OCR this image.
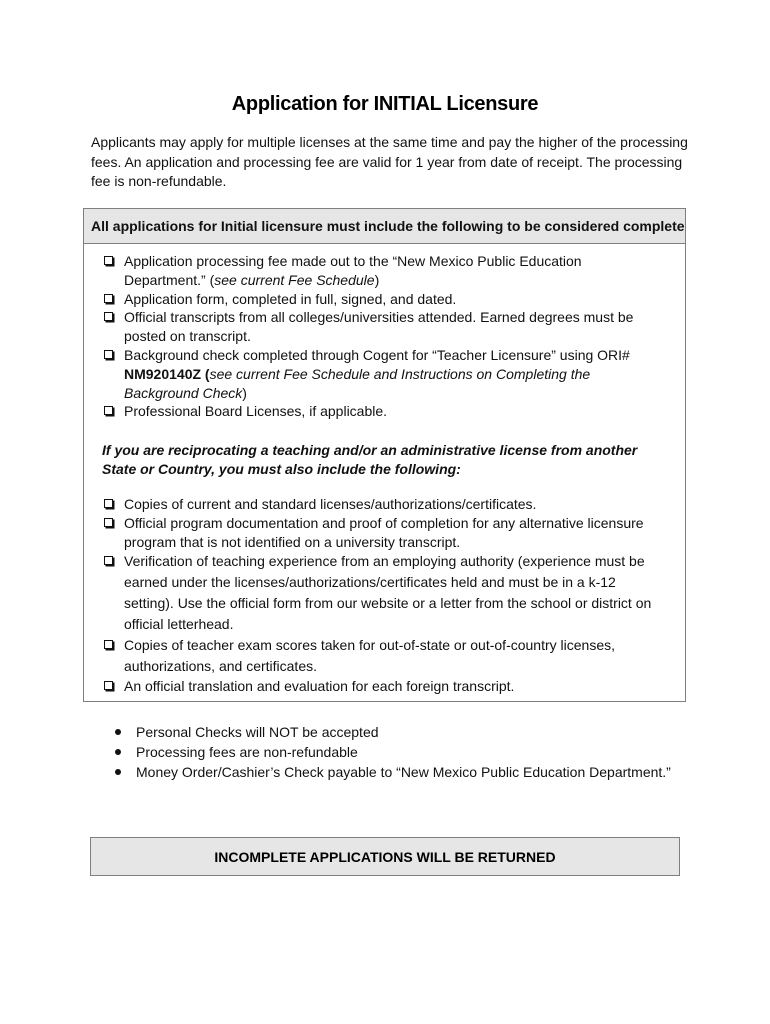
Application for INITIAL Licensure
Applicants may apply for multiple licenses at the same time and pay the higher of the processing fees. An application and processing fee are valid for 1 year from date of receipt. The processing fee is non-refundable.
All applications for Initial licensure must include the following to be considered complete
Application processing fee made out to the “New Mexico Public Education Department.” (see current Fee Schedule)
Application form, completed in full, signed, and dated.
Official transcripts from all colleges/universities attended. Earned degrees must be posted on transcript.
Background check completed through Cogent for “Teacher Licensure” using ORI# NM920140Z (see current Fee Schedule and Instructions on Completing the Background Check)
Professional Board Licenses, if applicable.
If you are reciprocating a teaching and/or an administrative license from another State or Country, you must also include the following:
Copies of current and standard licenses/authorizations/certificates.
Official program documentation and proof of completion for any alternative licensure program that is not identified on a university transcript.
Verification of teaching experience from an employing authority (experience must be earned under the licenses/authorizations/certificates held and must be in a k-12 setting). Use the official form from our website or a letter from the school or district on official letterhead.
Copies of teacher exam scores taken for out-of-state or out-of-country licenses, authorizations, and certificates.
An official translation and evaluation for each foreign transcript.
Personal Checks will NOT be accepted
Processing fees are non-refundable
Money Order/Cashier’s Check payable to “New Mexico Public Education Department.”
INCOMPLETE APPLICATIONS WILL BE RETURNED
